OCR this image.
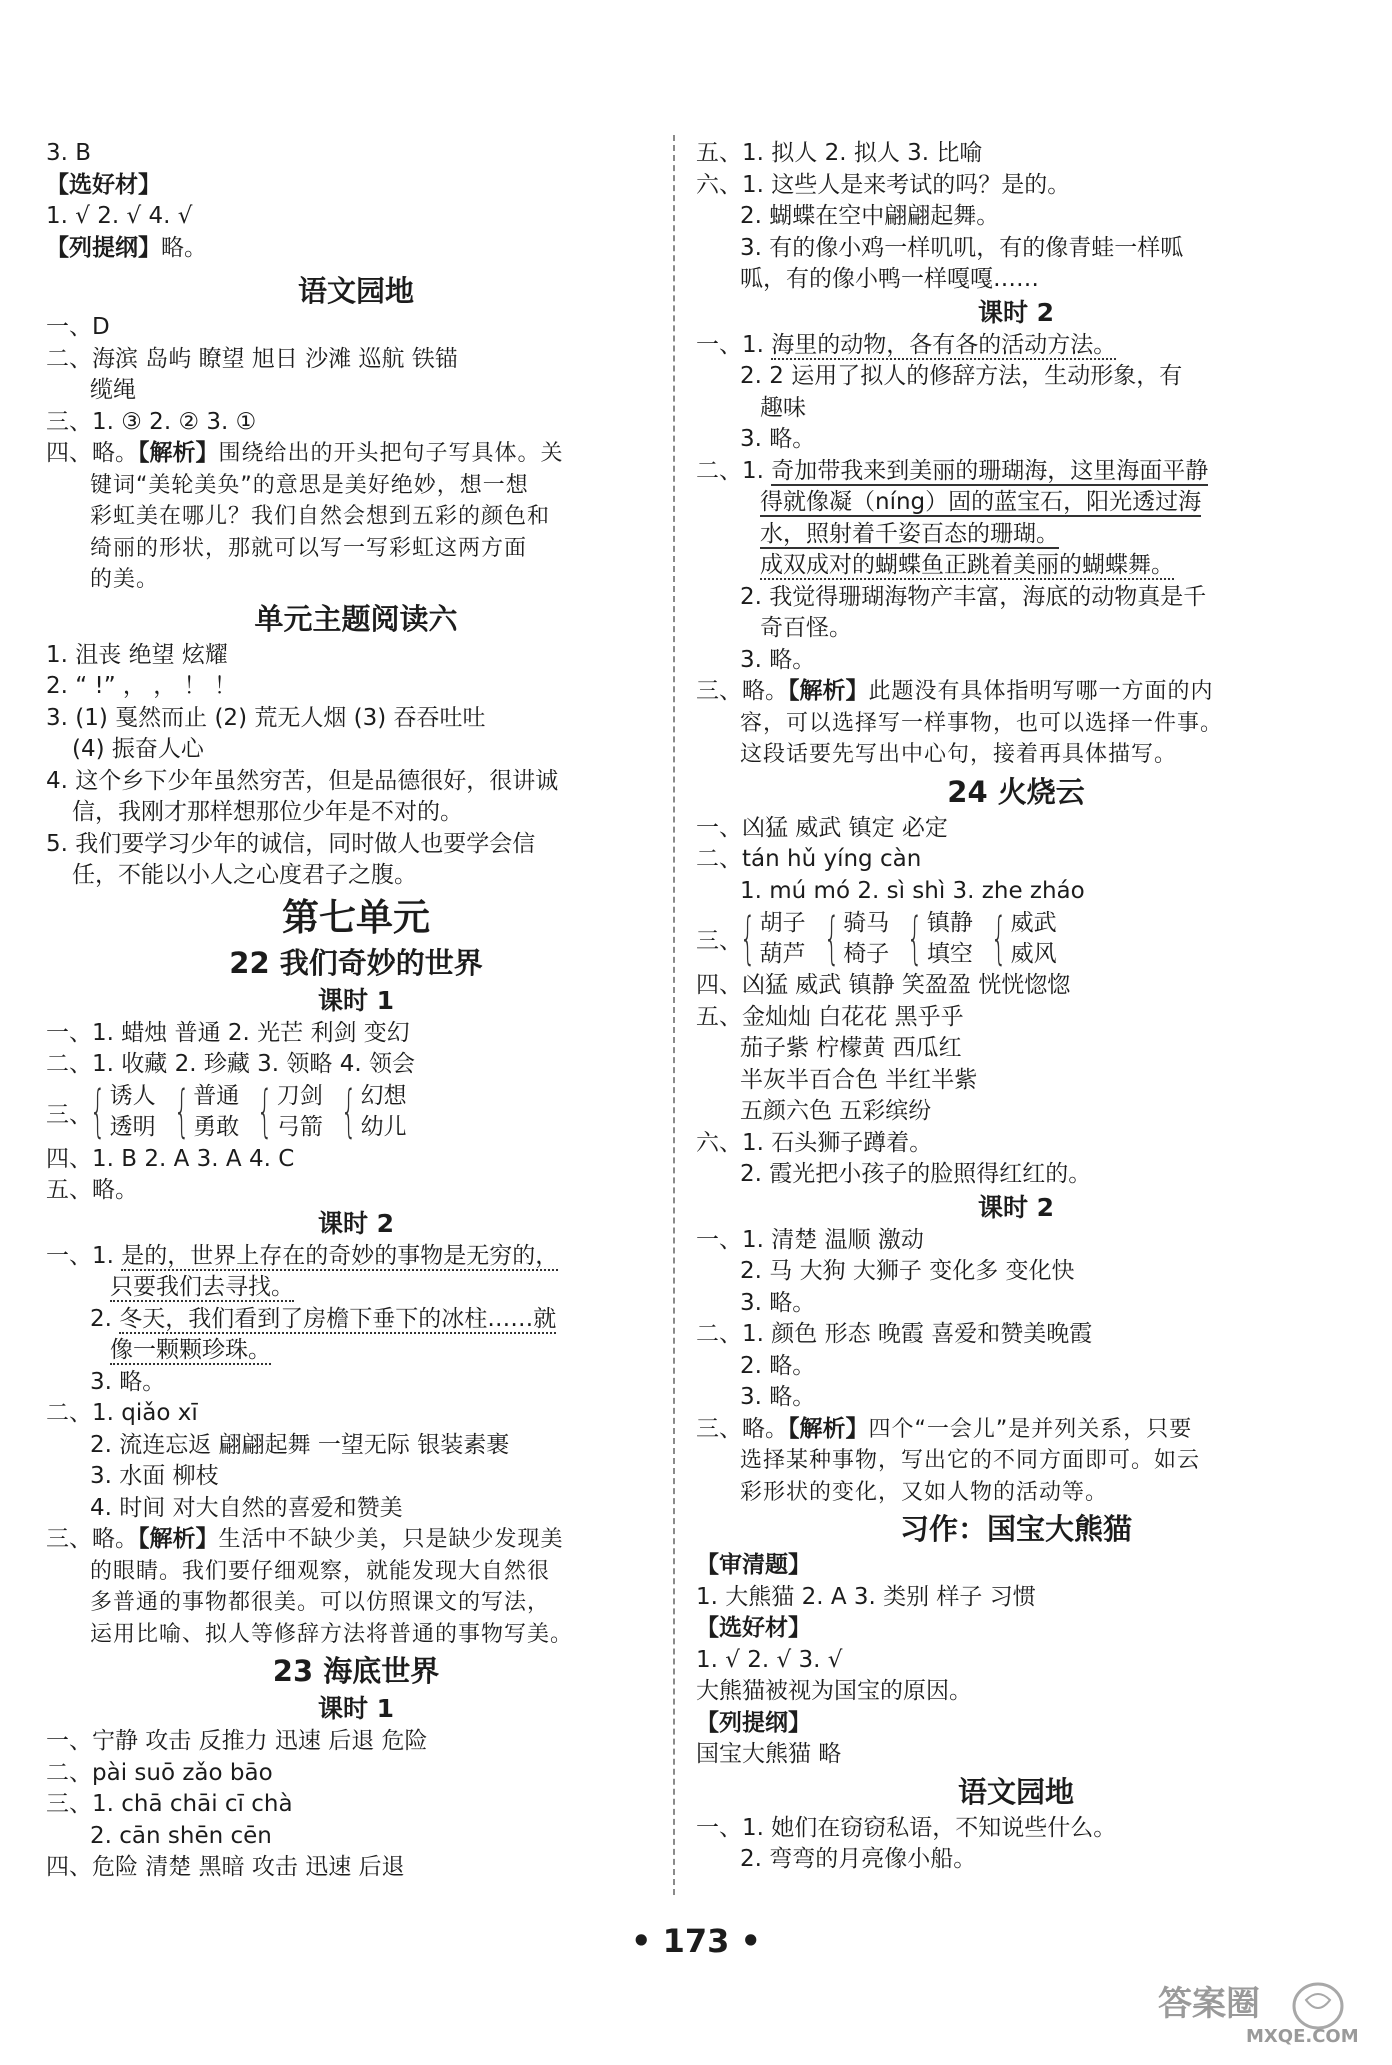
3. B
【选好材】
1. √ 2. √ 4. √
【列提纲】略。
语文园地
一、D
二、海滨 岛屿 瞭望 旭日 沙滩 巡航 铁锚
缆绳
三、1. ③ 2. ② 3. ①
四、略。【解析】围绕给出的开头把句子写具体。关
键词“美轮美奂”的意思是美好绝妙，想一想
彩虹美在哪儿？我们自然会想到五彩的颜色和
绮丽的形状，那就可以写一写彩虹这两方面
的美。
单元主题阅读六
1. 沮丧 绝望 炫耀
2. “ !” ， ， ！ ！
3. (1) 戛然而止 (2) 荒无人烟 (3) 吞吞吐吐
(4) 振奋人心
4. 这个乡下少年虽然穷苦，但是品德很好，很讲诚
信，我刚才那样想那位少年是不对的。
5. 我们要学习少年的诚信，同时做人也要学会信
任，不能以小人之心度君子之腹。
第七单元
22 我们奇妙的世界
课时 1
一、1. 蜡烛 普通 2. 光芒 利剑 变幻
二、1. 收藏 2. 珍藏 3. 领略 4. 领会
三、
{ 诱人
透明 { 普通
勇敢 { 刀剑
弓箭 { 幻想
幼儿
四、1. B 2. A 3. A 4. C
五、略。
课时 2
一、1. 是的，世界上存在的奇妙的事物是无穷的，
只要我们去寻找。
2. 冬天，我们看到了房檐下垂下的冰柱……就
像一颗颗珍珠。
3. 略。
二、1. qiǎo xī
2. 流连忘返 翩翩起舞 一望无际 银装素裹
3. 水面 柳枝
4. 时间 对大自然的喜爱和赞美
三、略。【解析】生活中不缺少美，只是缺少发现美
的眼睛。我们要仔细观察，就能发现大自然很
多普通的事物都很美。可以仿照课文的写法，
运用比喻、拟人等修辞方法将普通的事物写美。
23 海底世界
课时 1
一、宁静 攻击 反推力 迅速 后退 危险
二、pài suō zǎo bāo
三、1. chā chāi cī chà
2. cān shēn cēn
四、危险 清楚 黑暗 攻击 迅速 后退
五、1. 拟人 2. 拟人 3. 比喻
六、1. 这些人是来考试的吗？是的。
2. 蝴蝶在空中翩翩起舞。
3. 有的像小鸡一样叽叽，有的像青蛙一样呱
呱，有的像小鸭一样嘎嘎……
课时 2
一、1. 海里的动物，各有各的活动方法。
2. 2 运用了拟人的修辞方法，生动形象，有
趣味
3. 略。
二、1. 奇加带我来到美丽的珊瑚海，这里海面平静
得就像凝（níng）固的蓝宝石，阳光透过海
水，照射着千姿百态的珊瑚。
成双成对的蝴蝶鱼正跳着美丽的蝴蝶舞。
2. 我觉得珊瑚海物产丰富，海底的动物真是千
奇百怪。
3. 略。
三、略。【解析】此题没有具体指明写哪一方面的内
容，可以选择写一样事物，也可以选择一件事。
这段话要先写出中心句，接着再具体描写。
24 火烧云
一、凶猛 威武 镇定 必定
二、tán hǔ yíng càn
1. mú mó 2. sì shì 3. zhe zháo
三、
{ 胡子
葫芦 { 骑马
椅子 { 镇静
填空 { 威武
威风
四、凶猛 威武 镇静 笑盈盈 恍恍惚惚
五、金灿灿 白花花 黑乎乎
茄子紫 柠檬黄 西瓜红
半灰半百合色 半红半紫
五颜六色 五彩缤纷
六、1. 石头狮子蹲着。
2. 霞光把小孩子的脸照得红红的。
课时 2
一、1. 清楚 温顺 激动
2. 马 大狗 大狮子 变化多 变化快
3. 略。
二、1. 颜色 形态 晚霞 喜爱和赞美晚霞
2. 略。
3. 略。
三、略。【解析】四个“一会儿”是并列关系，只要
选择某种事物，写出它的不同方面即可。如云
彩形状的变化，又如人物的活动等。
习作：国宝大熊猫
【审清题】
1. 大熊猫 2. A 3. 类别 样子 习惯
【选好材】
1. √ 2. √ 3. √
大熊猫被视为国宝的原因。
【列提纲】
国宝大熊猫 略
语文园地
一、1. 她们在窃窃私语，不知说些什么。
2. 弯弯的月亮像小船。
• 173 •
答案圈
MXQE.COM
